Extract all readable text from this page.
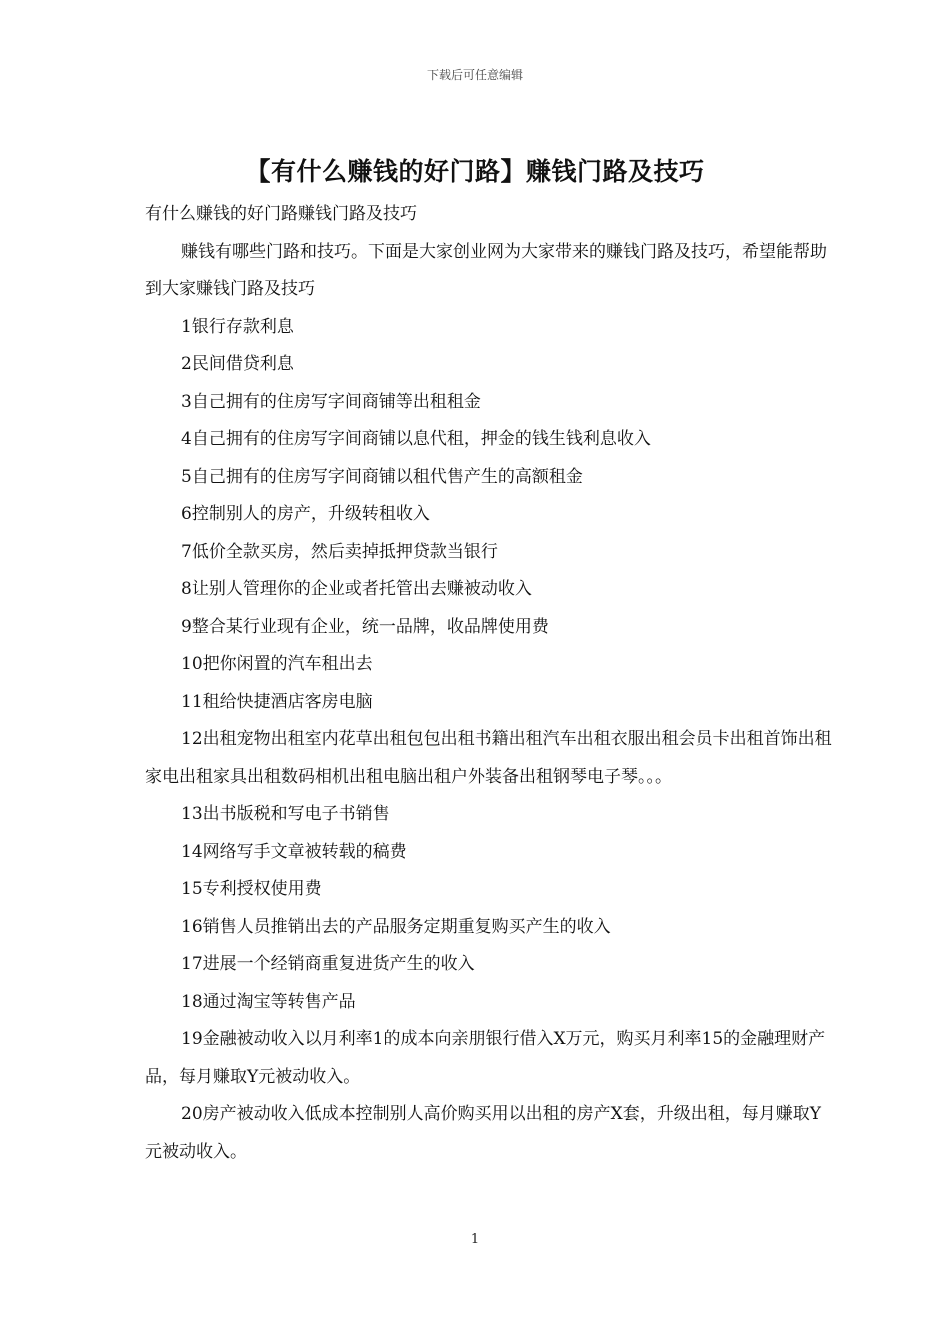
下载后可任意编辑
【有什么赚钱的好门路】赚钱门路及技巧

有什么赚钱的好门路赚钱门路及技巧

赚钱有哪些门路和技巧。下面是大家创业网为大家带来的赚钱门路及技巧，希望能帮助到大家赚钱门路及技巧

1银行存款利息

2民间借贷利息

3自己拥有的住房写字间商铺等出租租金

4自己拥有的住房写字间商铺以息代租，押金的钱生钱利息收入

5自己拥有的住房写字间商铺以租代售产生的高额租金

6控制别人的房产，升级转租收入

7低价全款买房，然后卖掉抵押贷款当银行

8让别人管理你的企业或者托管出去赚被动收入

9整合某行业现有企业，统一品牌，收品牌使用费

10把你闲置的汽车租出去

11租给快捷酒店客房电脑

12出租宠物出租室内花草出租包包出租书籍出租汽车出租衣服出租会员卡出租首饰出租家电出租家具出租数码相机出租电脑出租户外装备出租钢琴电子琴。。。

13出书版税和写电子书销售

14网络写手文章被转载的稿费

15专利授权使用费

16销售人员推销出去的产品服务定期重复购买产生的收入

17进展一个经销商重复进货产生的收入

18通过淘宝等转售产品

19金融被动收入以月利率1的成本向亲朋银行借入X万元，购买月利率15的金融理财产品，每月赚取Y元被动收入。

20房产被动收入低成本控制别人高价购买用以出租的房产X套，升级出租，每月赚取Y元被动收入。

1
